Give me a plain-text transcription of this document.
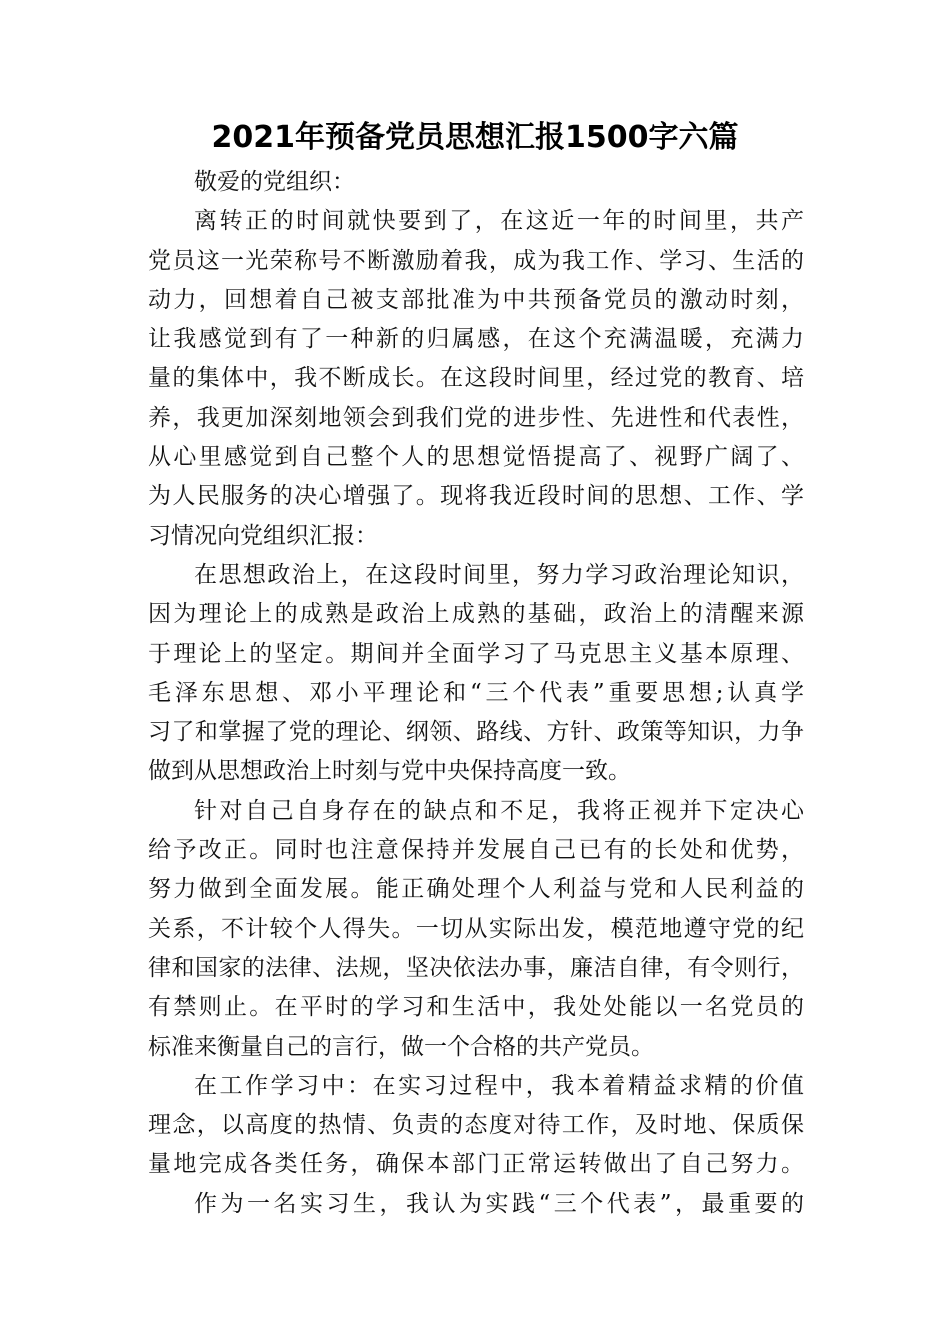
2021年预备党员思想汇报1500字六篇
敬爱的党组织：
离转正的时间就快要到了，在这近一年的时间里，共产
党员这一光荣称号不断激励着我，成为我工作、学习、生活的
动力，回想着自己被支部批准为中共预备党员的激动时刻，
让我感觉到有了一种新的归属感，在这个充满温暖，充满力
量的集体中，我不断成长。在这段时间里，经过党的教育、培
养，我更加深刻地领会到我们党的进步性、先进性和代表性，
从心里感觉到自己整个人的思想觉悟提高了、视野广阔了、
为人民服务的决心增强了。现将我近段时间的思想、工作、学
习情况向党组织汇报：
在思想政治上，在这段时间里，努力学习政治理论知识，
因为理论上的成熟是政治上成熟的基础，政治上的清醒来源
于理论上的坚定。期间并全面学习了马克思主义基本原理、
毛泽东思想、邓小平理论和“三个代表”重要思想;认真学
习了和掌握了党的理论、纲领、路线、方针、政策等知识，力争
做到从思想政治上时刻与党中央保持高度一致。
针对自己自身存在的缺点和不足，我将正视并下定决心
给予改正。同时也注意保持并发展自己已有的长处和优势，
努力做到全面发展。能正确处理个人利益与党和人民利益的
关系，不计较个人得失。一切从实际出发，模范地遵守党的纪
律和国家的法律、法规，坚决依法办事，廉洁自律，有令则行，
有禁则止。在平时的学习和生活中，我处处能以一名党员的
标准来衡量自己的言行，做一个合格的共产党员。
在工作学习中：在实习过程中，我本着精益求精的价值
理念，以高度的热情、负责的态度对待工作，及时地、保质保
量地完成各类任务，确保本部门正常运转做出了自己努力。
作为一名实习生，我认为实践“三个代表”，最重要的
